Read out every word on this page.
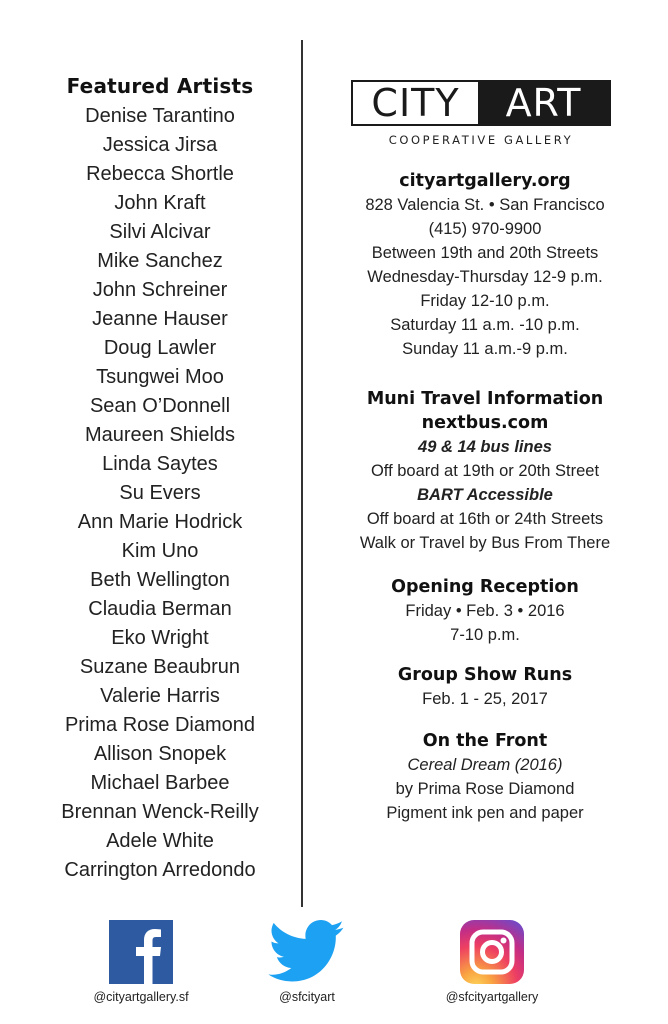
Featured Artists
Denise Tarantino
Jessica Jirsa
Rebecca Shortle
John Kraft
Silvi Alcivar
Mike Sanchez
John Schreiner
Jeanne Hauser
Doug Lawler
Tsungwei Moo
Sean O’Donnell
Maureen Shields
Linda Saytes
Su Evers
Ann Marie Hodrick
Kim Uno
Beth Wellington
Claudia Berman
Eko Wright
Suzane Beaubrun
Valerie Harris
Prima Rose Diamond
Allison Snopek
Michael Barbee
Brennan Wenck-Reilly
Adele White
Carrington Arredondo
CITY	ART
COOPERATIVE GALLERY
cityartgallery.org
828 Valencia St. • San Francisco
(415) 970-9900
Between 19th and 20th Streets
Wednesday-Thursday 12-9 p.m.
Friday 12-10 p.m.
Saturday 11 a.m. -10 p.m.
Sunday 11 a.m.-9 p.m.
Muni Travel Information
nextbus.com
49 & 14 bus lines
Off board at 19th or 20th Street
BART Accessible
Off board at 16th or 24th Streets
Walk or Travel by Bus From There
Opening Reception
Friday • Feb. 3 • 2016
7-10 p.m.
Group Show Runs
Feb. 1 - 25, 2017
On the Front
Cereal Dream (2016)
by Prima Rose Diamond
Pigment ink pen and paper
@cityartgallery.sf	@sfcityart	@sfcityartgallery
